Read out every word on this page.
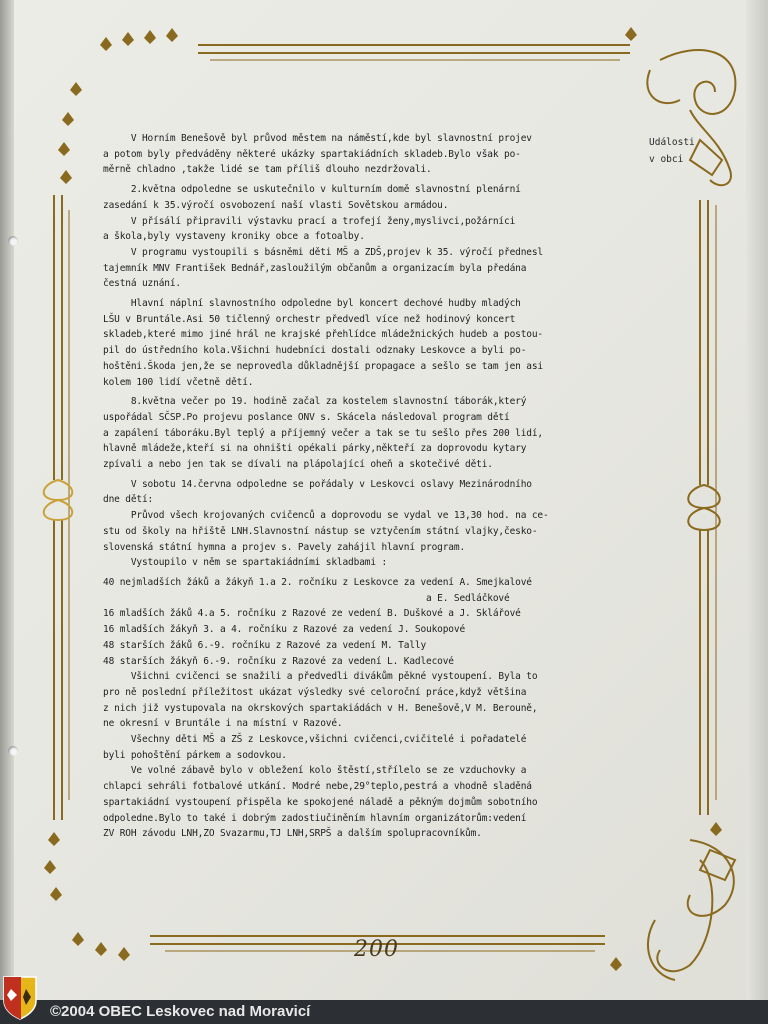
Události
v obci
V Horním Benešově byl průvod městem na náměstí,kde byl slavnostní projev
a potom byly předváděny některé ukázky spartakiádních skladeb.Bylo však po-
měrně chladno ,takže lidé se tam příliš dlouho nezdržovali.
2.května odpoledne se uskutečnilo v kulturním domě slavnostní plenární
zasedání k 35.výročí osvobození naší vlasti Sovětskou armádou.
V přísálí připravili výstavku prací a trofejí ženy,myslivci,požárníci
a škola,byly vystaveny kroniky obce a fotoalby.
V programu vystoupili s básněmi děti MŠ a ZDŠ,projev k 35. výročí přednesl
tajemník MNV František Bednář,zasloužilým občanům a organizacím byla předána
čestná uznání.
Hlavní náplní slavnostního odpoledne byl koncert dechové hudby mladých
LŠU v Bruntále.Asi 50 tičlenný orchestr předvedl více než hodinový koncert
skladeb,které mimo jiné hrál ne krajské přehlídce mládežnických hudeb a postou-
pil do ústředního kola.Všichni hudebníci dostali odznaky Leskovce a byli po-
hoštěni.Škoda jen,že se neprovedla důkladnější propagace a sešlo se tam jen asi
kolem 100 lidí včetně dětí.
8.května večer po 19. hodině začal za kostelem slavnostní táborák,který
uspořádal SČSP.Po projevu poslance ONV s. Skácela následoval program dětí
a zapálení táboráku.Byl teplý a příjemný večer a tak se tu sešlo přes 200 lidí,
hlavně mládeže,kteří si na ohništi opékali párky,někteří za doprovodu kytary
zpívali a nebo jen tak se dívali na plápolající oheň a skotečivé děti.
V sobotu 14.června odpoledne se pořádaly v Leskovci oslavy Mezinárodního
dne dětí:
Průvod všech krojovaných cvičenců a doprovodu se vydal ve 13,30 hod. na ce-
stu od školy na hřiště LNH.Slavnostní nástup se vztyčením státní vlajky,česko-
slovenská státní hymna a projev s. Pavely zahájil hlavní program.
Vystoupilo v něm se spartakiádními skladbami :
40 nejmladších žáků a žákyň 1.a 2. ročníku z Leskovce za vedení A. Smejkalové
a E. Sedláčkové
16 mladších žáků 4.a 5. ročníku z Razové ze vedení B. Duškové a J. Sklářové
16 mladších žákyň 3. a 4. ročníku z Razové za vedení J. Soukopové
48 starších žáků 6.-9. ročníku z Razové za vedení M. Tally
48 starších žákyň 6.-9. ročníku z Razové za vedení L. Kadlecové
Všichni cvičenci se snažili a předvedli divákům pěkné vystoupení. Byla to
pro ně poslední příležitost ukázat výsledky své celoroční práce,když většina
z nich již vystupovala na okrskových spartakiádách v H. Benešově,V M. Berouně,
ne okresní v Bruntále i na místní v Razové.
Všechny děti MŠ a ZŠ z Leskovce,všichni cvičenci,cvičitelé i pořadatelé
byli pohoštění párkem a sodovkou.
Ve volné zábavě bylo v obležení kolo štěstí,střílelo se ze vzduchovky a
chlapci sehráli fotbalové utkání. Modré nebe,29°teplo,pestrá a vhodně sladěná
spartakiádní vystoupení přispěla ke spokojené náladě a pěkným dojmům sobotního
odpoledne.Bylo to také i dobrým zadostiučiněním hlavním organizátorům:vedení
ZV ROH závodu LNH,ZO Svazarmu,TJ LNH,SRPŠ a dalším spolupracovníkům.
200
©2004 OBEC Leskovec nad Moravicí
